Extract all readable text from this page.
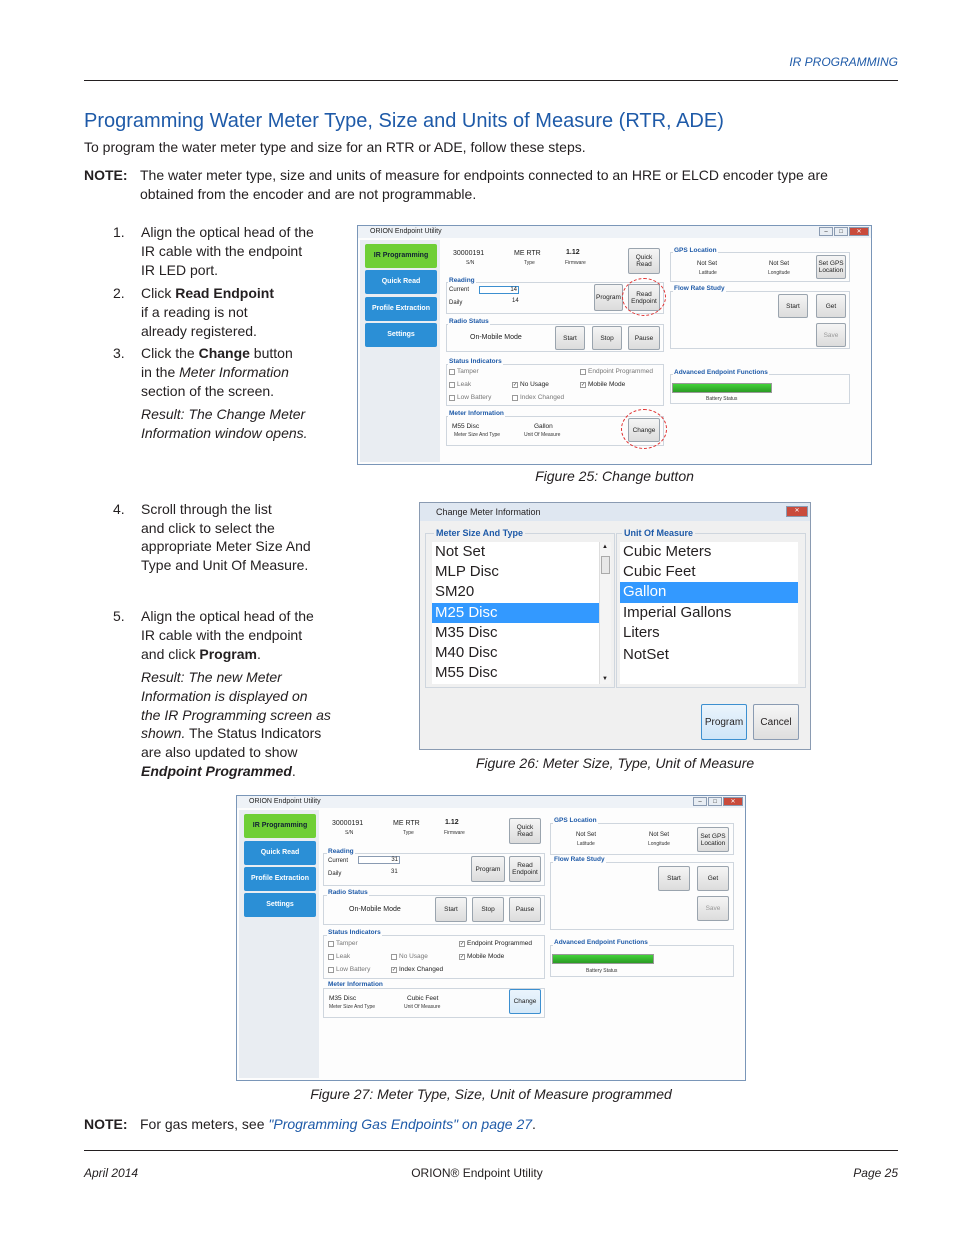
IR PROGRAMMING
Programming Water Meter Type, Size and Units of Measure (RTR, ADE)
To program the water meter type and size for an RTR or ADE, follow these steps.
NOTE: The water meter type, size and units of measure for endpoints connected to an HRE or ELCD encoder type are
obtained from the encoder and are not programmable.
1. Align the optical head of the
IR cable with the endpoint
IR LED port.
2. Click Read Endpoint
if a reading is not
already registered.
3. Click the Change button
in the Meter Information
section of the screen.
Result: The Change Meter
Information window opens.
ORION Endpoint Utility	–	□	✕
IR Programming
Quick Read
Profile Extraction
Settings
30000191
S/N
ME RTR
Type
1.12
Firmware
Quick Read
Reading
Current	14
Daily	14	Program	Read Endpoint
Radio Status
On-Mobile Mode	Start	Stop	Pause
Status Indicators
Tamper
Leak
Low Battery
✓ No Usage
Index Changed
Endpoint Programmed
✓ Mobile Mode
Meter Information
M55 Disc
Meter Size And Type
Gallon
Unit Of Measure
Change
GPS Location
Not Set
Latitude
Not Set
Longitude
Set GPS Location
Flow Rate Study
Start	Get
Save
Advanced Endpoint Functions
Battery Status
Figure 25: Change button
4. Scroll through the list
and click to select the
appropriate Meter Size And
Type and Unit Of Measure.
5. Align the optical head of the
IR cable with the endpoint
and click Program.
Result: The new Meter
Information is displayed on
the IR Programming screen as
shown. The Status Indicators
are also updated to show
Endpoint Programmed.
Change Meter Information	✕
Meter Size And Type
Not Set
MLP Disc
SM20
M25 Disc
M35 Disc
M40 Disc
M55 Disc
▲
▼
Unit Of Measure
Cubic Meters
Cubic Feet
Gallon
Imperial Gallons
Liters
NotSet
Program	Cancel
Figure 26: Meter Size, Type, Unit of Measure
ORION Endpoint Utility	–	□	✕
IR Programming
Quick Read
Profile Extraction
Settings
30000191
S/N
ME RTR
Type
1.12
Firmware
Quick Read
Reading
Current	31
Daily	31	Program	Read Endpoint
Radio Status
On-Mobile Mode	Start	Stop	Pause
Status Indicators
Tamper
Leak
Low Battery
No Usage
✓ Index Changed
✓ Endpoint Programmed
✓ Mobile Mode
Meter Information
M35 Disc
Meter Size And Type
Cubic Feet
Unit Of Measure
Change
GPS Location
Not Set
Latitude
Not Set
Longitude
Set GPS Location
Flow Rate Study
Start	Get
Save
Advanced Endpoint Functions
Battery Status
Figure 27: Meter Type, Size, Unit of Measure programmed
NOTE: For gas meters, see "Programming Gas Endpoints" on page 27.
April 2014	ORION® Endpoint Utility	Page 25
